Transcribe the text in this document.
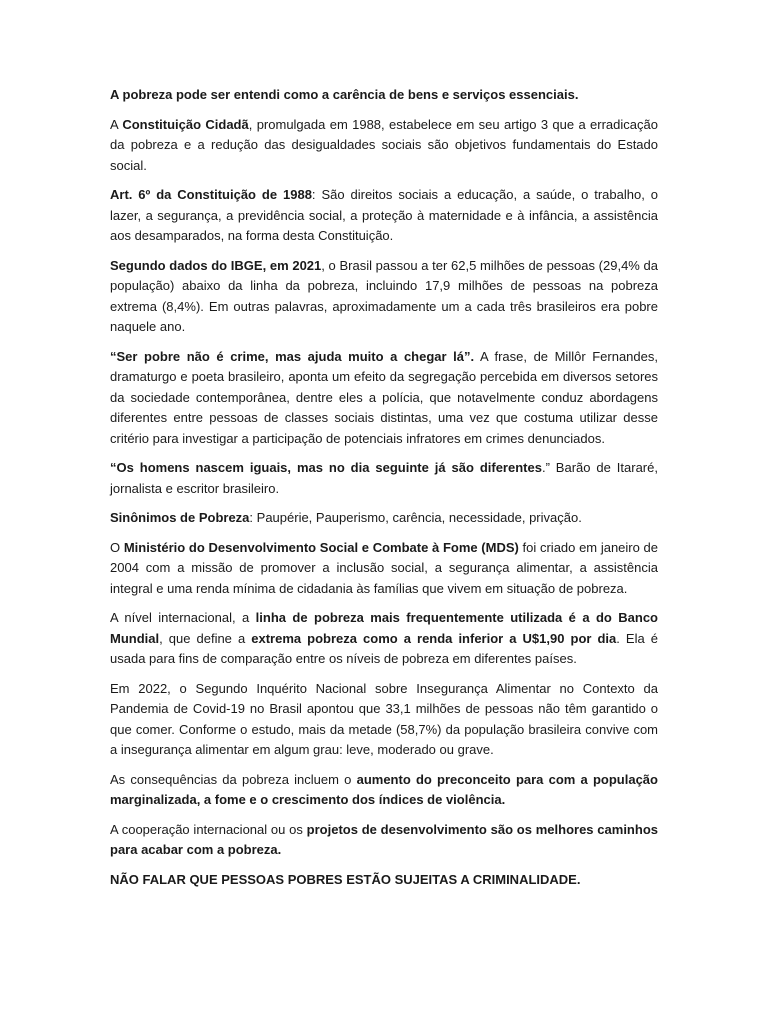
A pobreza pode ser entendi como a carência de bens e serviços essenciais.

A Constituição Cidadã, promulgada em 1988, estabelece em seu artigo 3 que a erradicação da pobreza e a redução das desigualdades sociais são objetivos fundamentais do Estado social.

Art. 6º da Constituição de 1988: São direitos sociais a educação, a saúde, o trabalho, o lazer, a segurança, a previdência social, a proteção à maternidade e à infância, a assistência aos desamparados, na forma desta Constituição.

Segundo dados do IBGE, em 2021, o Brasil passou a ter 62,5 milhões de pessoas (29,4% da população) abaixo da linha da pobreza, incluindo 17,9 milhões de pessoas na pobreza extrema (8,4%). Em outras palavras, aproximadamente um a cada três brasileiros era pobre naquele ano.

“Ser pobre não é crime, mas ajuda muito a chegar lá”. A frase, de Millôr Fernandes, dramaturgo e poeta brasileiro, aponta um efeito da segregação percebida em diversos setores da sociedade contemporânea, dentre eles a polícia, que notavelmente conduz abordagens diferentes entre pessoas de classes sociais distintas, uma vez que costuma utilizar desse critério para investigar a participação de potenciais infratores em crimes denunciados.

“Os homens nascem iguais, mas no dia seguinte já são diferentes.” Barão de Itararé, jornalista e escritor brasileiro.

Sinônimos de Pobreza: Paupérie, Pauperismo, carência, necessidade, privação.

O Ministério do Desenvolvimento Social e Combate à Fome (MDS) foi criado em janeiro de 2004 com a missão de promover a inclusão social, a segurança alimentar, a assistência integral e uma renda mínima de cidadania às famílias que vivem em situação de pobreza.

A nível internacional, a linha de pobreza mais frequentemente utilizada é a do Banco Mundial, que define a extrema pobreza como a renda inferior a U$1,90 por dia. Ela é usada para fins de comparação entre os níveis de pobreza em diferentes países.

Em 2022, o Segundo Inquérito Nacional sobre Insegurança Alimentar no Contexto da Pandemia de Covid-19 no Brasil apontou que 33,1 milhões de pessoas não têm garantido o que comer. Conforme o estudo, mais da metade (58,7%) da população brasileira convive com a insegurança alimentar em algum grau: leve, moderado ou grave.

As consequências da pobreza incluem o aumento do preconceito para com a população marginalizada, a fome e o crescimento dos índices de violência.

A cooperação internacional ou os projetos de desenvolvimento são os melhores caminhos para acabar com a pobreza.

NÃO FALAR QUE PESSOAS POBRES ESTÃO SUJEITAS A CRIMINALIDADE.
